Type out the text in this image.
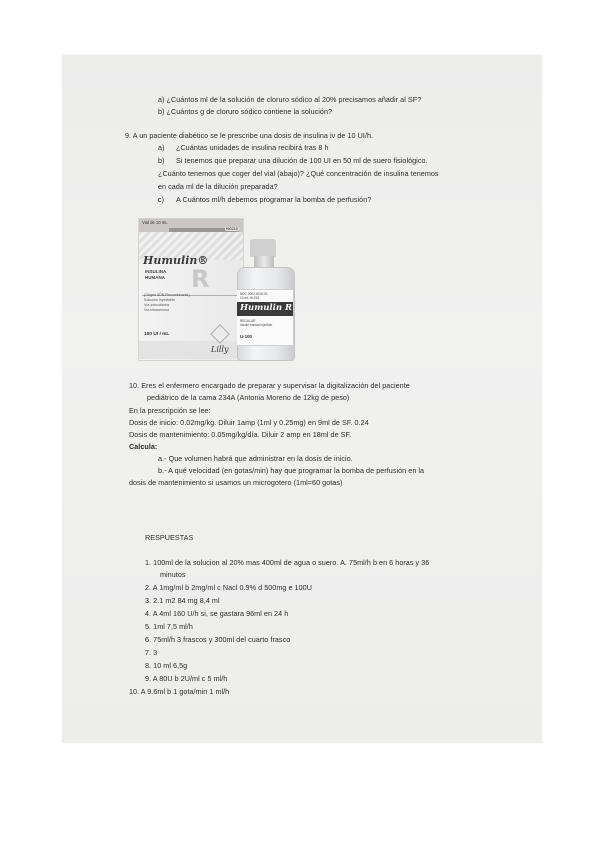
a) ¿Cuántos ml de la solución de cloruro sódico al 20% precisamos añadir al SF?
b) ¿Cuántos g de cloruro sódico contiene la solución?
9. A un paciente diabético se le prescribe una dosis de insulina iv de 10 UI/h.
a) ¿Cuántas unidades de insulina recibirá tras 8 h
b) Si tenemos que preparar una dilución de 100 UI en 50 ml de suero fisiológico.
¿Cuánto tenemos que coger del vial (abajo)? ¿Qué concentración de insulina tenemos
en cada ml de la dilución preparada?
c) A Cuántos ml/h debemos programar la bomba de perfusión?
Vial de 10 mL
HI0210
Humulin®
INSULINA
HUMANA R
(Origen ADN Recombinante)
Solución Inyectable
Vía subcutánea
Vía intravenosa
100 UI / mL
Lilly
NDC 0002-8215-01
10 mL HI-210
Humulin R
REGULAR
insulin human injection
U-100
10. Eres el enfermero encargado de preparar y supervisar la digitalización del paciente
pediátrico de la cama 234A (Antonia Moreno de 12kg de peso)
En la prescripción se lee:
Dosis de inicio: 0.02mg/kg. Diluir 1amp (1ml y 0.25mg) en 9ml de SF. 0.24
Dosis de mantenimiento: 0.05mg/kg/día. Diluir 2 amp en 18ml de SF.
Calcula:
a.- Que volumen habrá que administrar en la dosis de inicio.
b.- A qué velocidad (en gotas/min) hay que programar la bomba de perfusión en la
dosis de mantenimiento si usamos un microgotero (1ml=60 gotas)
RESPUESTAS
1. 100ml de la solucion al 20% mas 400ml de agua o suero. A. 75ml/h b en 6 horas y 36
minutos
2. A 1mg/ml b 2mg/ml c Nacl 0.9% d 500mg e 100U
3. 2.1 m2 84 mg 8,4 ml
4. A 4ml 160 U/h si, se gastara 96ml en 24 h
5. 1ml 7,5 ml/h
6. 75ml/h 3 frascos y 300ml del cuarto frasco
7. 3
8. 10 ml 6,5g
9. A 80U b 2U/ml c 5 ml/h
10. A 9.6ml b 1 gota/min 1 ml/h
